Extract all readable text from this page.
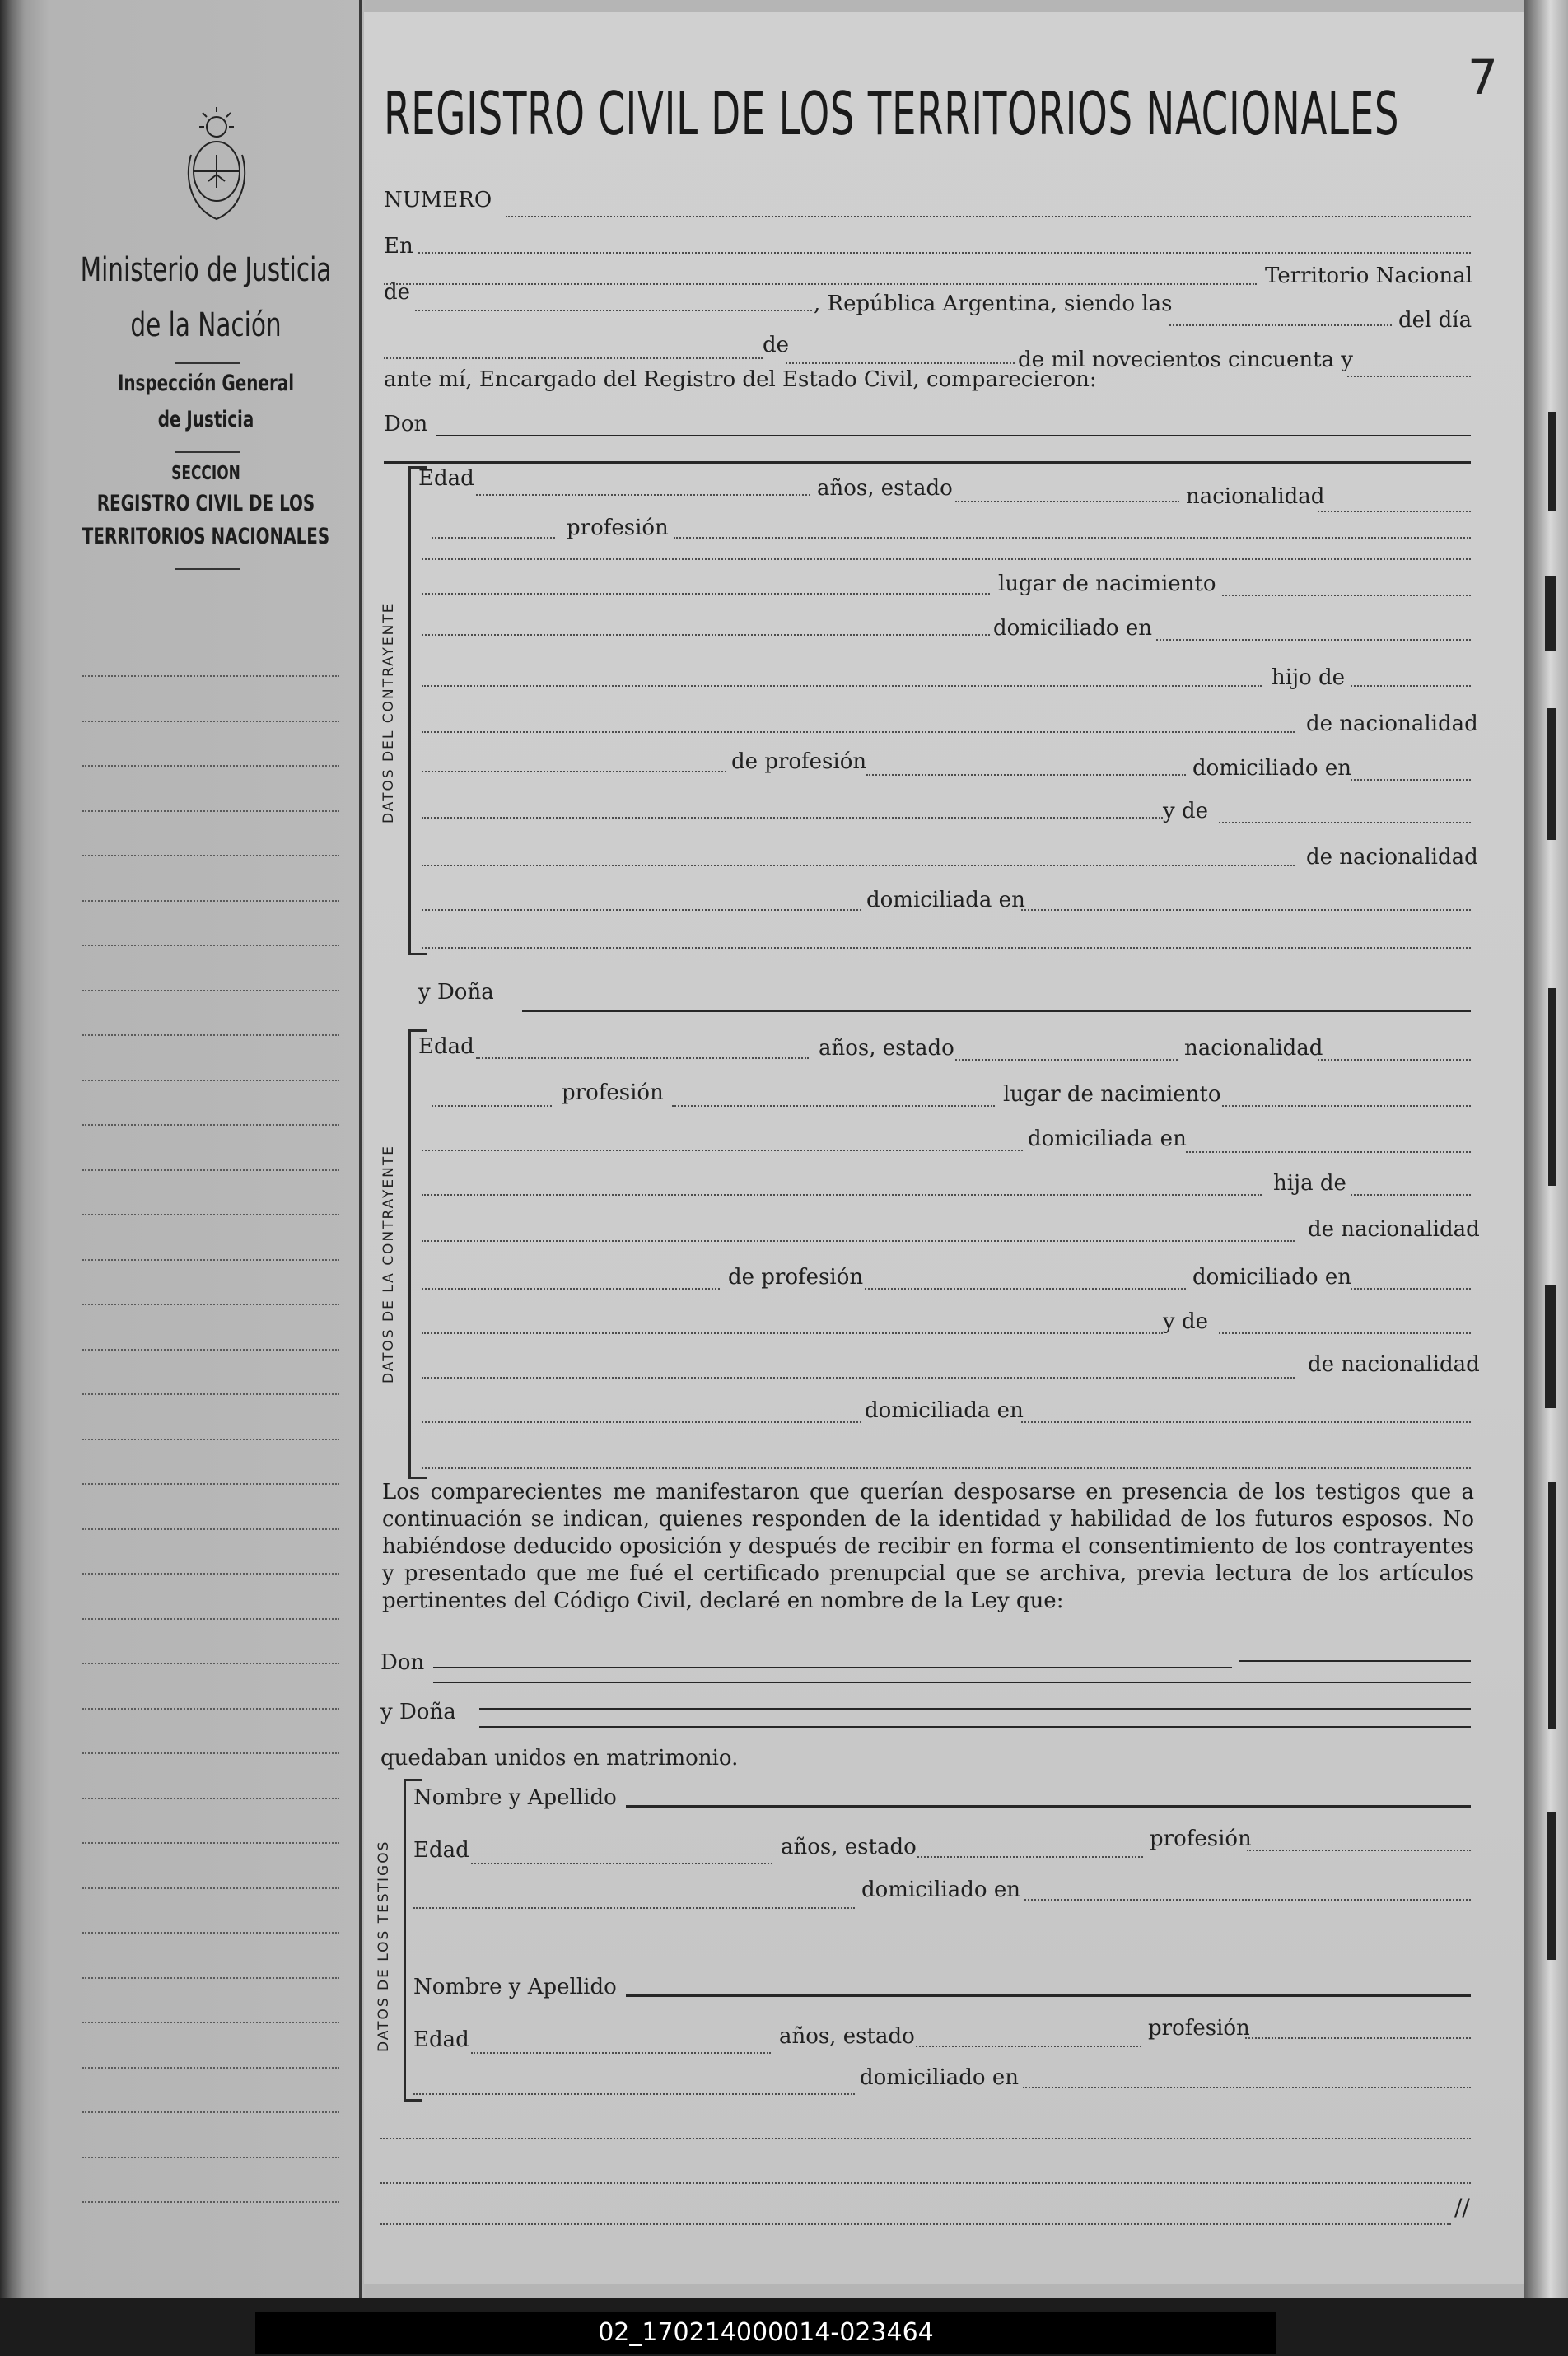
Ministerio de Justicia
de la Nación
Inspección General
de Justicia
SECCION
REGISTRO CIVIL DE LOS
TERRITORIOS NACIONALES
REGISTRO CIVIL DE LOS TERRITORIOS NACIONALES
7
NUMERO
En
Territorio Nacional
de	, República Argentina, siendo las
del día
de
de mil novecientos cincuenta y
ante mí, Encargado del Registro del Estado Civil, comparecieron:
Don
DATOS DEL CONTRAYENTE
Edad	años, estado	nacionalidad
profesión
lugar de nacimiento
domiciliado en
hijo de
de nacionalidad
de profesión	domiciliado en
y de
de nacionalidad
domiciliada en
y Doña
DATOS DE LA CONTRAYENTE
Edad	años, estado	nacionalidad
profesión	lugar de nacimiento
domiciliada en
hija de
de nacionalidad
de profesión	domiciliado en
y de
de nacionalidad
domiciliada en
Los comparecientes me manifestaron que querían desposarse en presencia de los testigos que a continuación se indican, quienes responden de la identidad y habilidad de los futuros esposos. No habiéndose deducido oposición y después de recibir en forma el consentimiento de los contrayentes y presentado que me fué el certificado prenupcial que se archiva, previa lectura de los artículos pertinentes del Código Civil, declaré en nombre de la Ley que:
Don
y Doña
quedaban unidos en matrimonio.
DATOS DE LOS TESTIGOS
Nombre y Apellido
Edad	años, estado	profesión
domiciliado en
Nombre y Apellido
Edad	años, estado	profesión
domiciliado en
//
02_170214000014-023464
